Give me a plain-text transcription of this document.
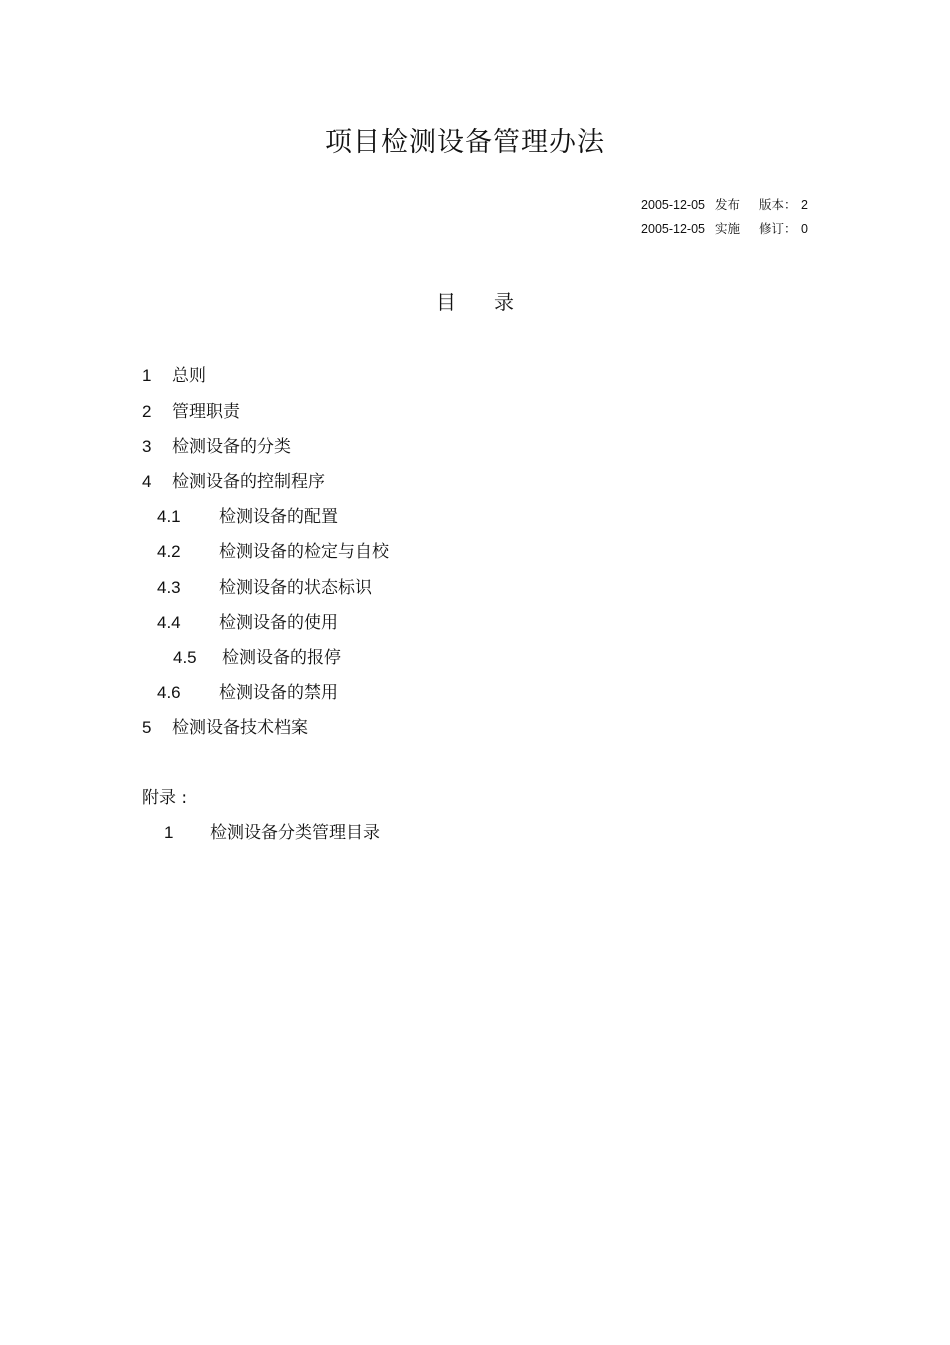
项目检测设备管理办法
2005-12-05 发布 版本： 2
2005-12-05 实施 修订： 0
目 录
1 总则
2 管理职责
3 检测设备的分类
4 检测设备的控制程序
4.1 检测设备的配置
4.2 检测设备的检定与自校
4.3 检测设备的状态标识
4.4 检测设备的使用
4.5 检测设备的报停
4.6 检测设备的禁用
5 检测设备技术档案
附录 :
1 检测设备分类管理目录
